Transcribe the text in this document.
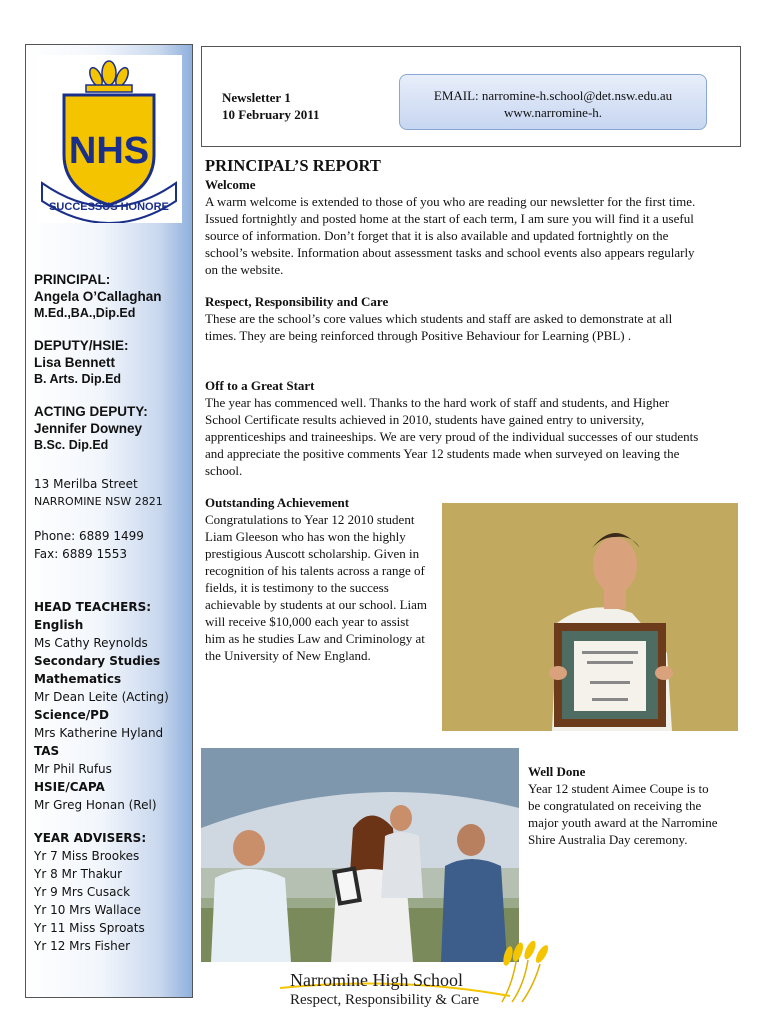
NHS
SUCCESSUS HONORE
PRINCIPAL:
Angela O’Callaghan
M.Ed.,BA.,Dip.Ed
DEPUTY/HSIE:
Lisa Bennett
B. Arts. Dip.Ed
ACTING DEPUTY:
Jennifer Downey
B.Sc. Dip.Ed
13 Merilba Street
NARROMINE NSW 2821
Phone: 6889 1499
Fax: 6889 1553
HEAD TEACHERS:
English
Ms Cathy Reynolds
Secondary Studies
Mathematics
Mr Dean Leite (Acting)
Science/PD
Mrs Katherine Hyland
TAS
Mr Phil Rufus
HSIE/CAPA
Mr Greg Honan (Rel)
YEAR ADVISERS:
Yr 7 Miss Brookes
Yr 8 Mr Thakur
Yr 9 Mrs Cusack
Yr 10 Mrs Wallace
Yr 11 Miss Sproats
Yr 12 Mrs Fisher
Newsletter 1
10 February 2011
EMAIL: narromine-h.school@det.nsw.edu.au
www.narromine-h.
PRINCIPAL’S REPORT
Welcome
A warm welcome is extended to those of you who are reading our newsletter for the first time. Issued fortnightly and posted home at the start of each term, I am sure you will find it a useful source of information. Don’t forget that it is also available and updated fortnightly on the school’s website. Information about assessment tasks and school events also appears regularly on the website.
Respect, Responsibility and Care
These are the school’s core values which students and staff are asked to demonstrate at all times. They are being reinforced through Positive Behaviour for Learning (PBL) .
Off to a Great Start
The year has commenced well. Thanks to the hard work of staff and students, and Higher School Certificate results achieved in 2010, students have gained entry to university, apprenticeships and traineeships. We are very proud of the individual successes of our students and appreciate the positive comments Year 12 students made when surveyed on leaving the school.
Outstanding Achievement
Congratulations to Year 12 2010 student Liam Gleeson who has won the highly prestigious Auscott scholarship. Given in recognition of his talents across a range of fields, it is testimony to the success achievable by students at our school. Liam will receive $10,000 each year to assist him as he studies Law and Criminology at the University of New England.
Well Done
Year 12 student Aimee Coupe is to be congratulated on receiving the major youth award at the Narromine Shire Australia Day ceremony.
Narromine High School
Respect, Responsibility & Care
